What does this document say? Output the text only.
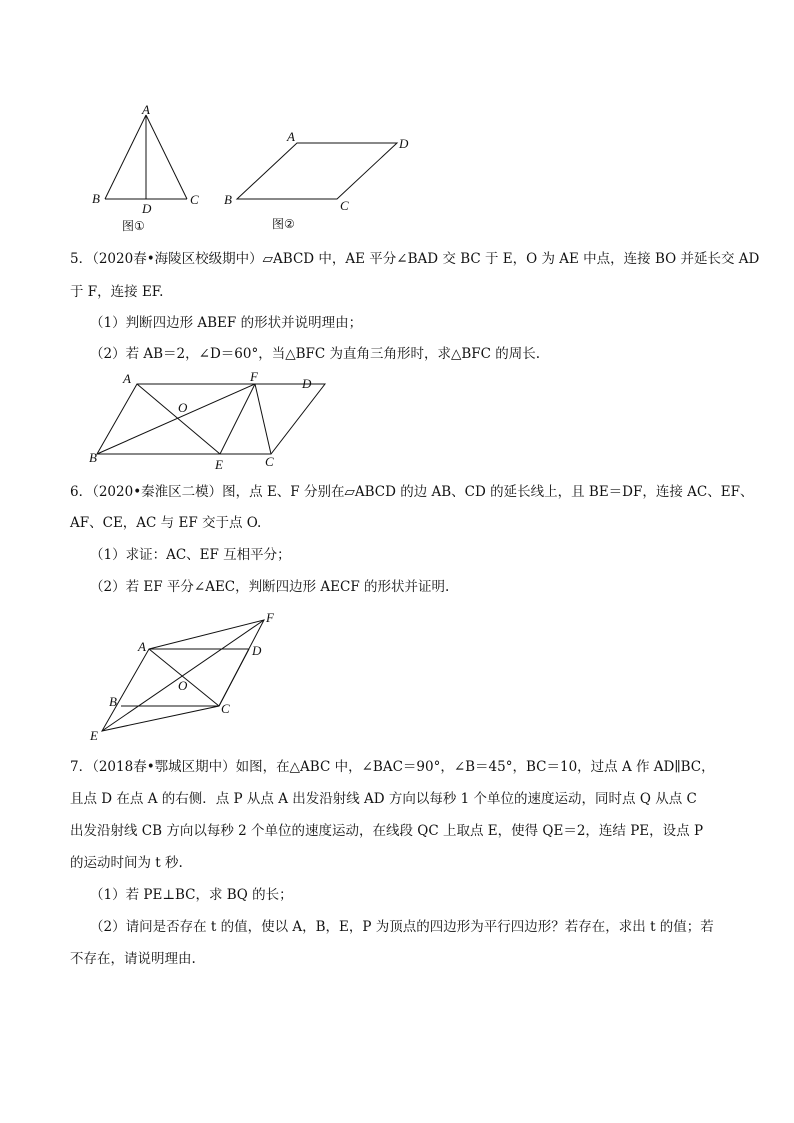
A
B	C
D
图①
A	D
B	C
图②
5．（2020春•海陵区校级期中）▱ABCD 中，AE 平分∠BAD 交 BC 于 E，O 为 AE 中点，连接 BO 并延长交 AD
于 F，连接 EF.
（1）判断四边形 ABEF 的形状并说明理由；
（2）若 AB＝2，∠D＝60°，当△BFC 为直角三角形时，求△BFC 的周长.
A	F	D
O
B	E	C
6．（2020•秦淮区二模）图，点 E、F 分别在▱ABCD 的边 AB、CD 的延长线上，且 BE＝DF，连接 AC、EF、
AF、CE，AC 与 EF 交于点 O.
（1）求证：AC、EF 互相平分；
（2）若 EF 平分∠AEC，判断四边形 AECF 的形状并证明.
F
A	D
O
B	C
E
7．（2018春•鄂城区期中）如图，在△ABC 中，∠BAC＝90°，∠B＝45°，BC＝10，过点 A 作 AD∥BC，
且点 D 在点 A 的右侧．点 P 从点 A 出发沿射线 AD 方向以每秒 1 个单位的速度运动，同时点 Q 从点 C
出发沿射线 CB 方向以每秒 2 个单位的速度运动，在线段 QC 上取点 E，使得 QE＝2，连结 PE，设点 P
的运动时间为 t 秒.
（1）若 PE⊥BC，求 BQ 的长；
（2）请问是否存在 t 的值，使以 A，B，E，P 为顶点的四边形为平行四边形？若存在，求出 t 的值；若
不存在，请说明理由.
